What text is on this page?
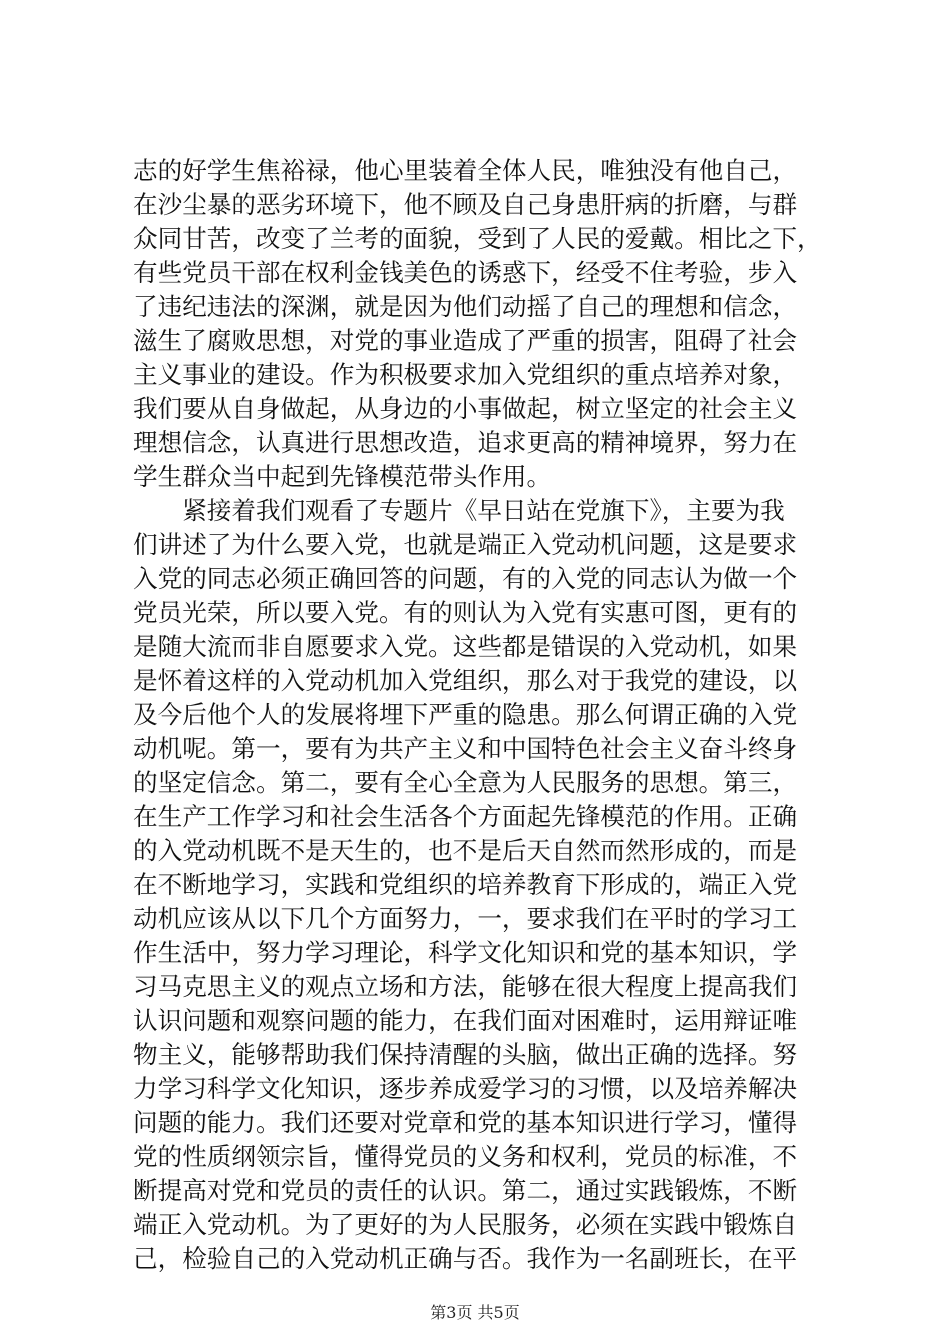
志的好学生焦裕禄，他心里装着全体人民，唯独没有他自己，
在沙尘暴的恶劣环境下，他不顾及自己身患肝病的折磨，与群
众同甘苦，改变了兰考的面貌，受到了人民的爱戴。相比之下，
有些党员干部在权利金钱美色的诱惑下，经受不住考验，步入
了违纪违法的深渊，就是因为他们动摇了自己的理想和信念，
滋生了腐败思想，对党的事业造成了严重的损害，阻碍了社会
主义事业的建设。作为积极要求加入党组织的重点培养对象，
我们要从自身做起，从身边的小事做起，树立坚定的社会主义
理想信念，认真进行思想改造，追求更高的精神境界，努力在
学生群众当中起到先锋模范带头作用。
　　紧接着我们观看了专题片《早日站在党旗下》，主要为我
们讲述了为什么要入党，也就是端正入党动机问题，这是要求
入党的同志必须正确回答的问题，有的入党的同志认为做一个
党员光荣，所以要入党。有的则认为入党有实惠可图，更有的
是随大流而非自愿要求入党。这些都是错误的入党动机，如果
是怀着这样的入党动机加入党组织，那么对于我党的建设，以
及今后他个人的发展将埋下严重的隐患。那么何谓正确的入党
动机呢。第一，要有为共产主义和中国特色社会主义奋斗终身
的坚定信念。第二，要有全心全意为人民服务的思想。第三，
在生产工作学习和社会生活各个方面起先锋模范的作用。正确
的入党动机既不是天生的，也不是后天自然而然形成的，而是
在不断地学习，实践和党组织的培养教育下形成的，端正入党
动机应该从以下几个方面努力，一，要求我们在平时的学习工
作生活中，努力学习理论，科学文化知识和党的基本知识，学
习马克思主义的观点立场和方法，能够在很大程度上提高我们
认识问题和观察问题的能力，在我们面对困难时，运用辩证唯
物主义，能够帮助我们保持清醒的头脑，做出正确的选择。努
力学习科学文化知识，逐步养成爱学习的习惯，以及培养解决
问题的能力。我们还要对党章和党的基本知识进行学习，懂得
党的性质纲领宗旨，懂得党员的义务和权利，党员的标准，不
断提高对党和党员的责任的认识。第二，通过实践锻炼，不断
端正入党动机。为了更好的为人民服务，必须在实践中锻炼自
己，检验自己的入党动机正确与否。我作为一名副班长，在平
第3页 共5页
